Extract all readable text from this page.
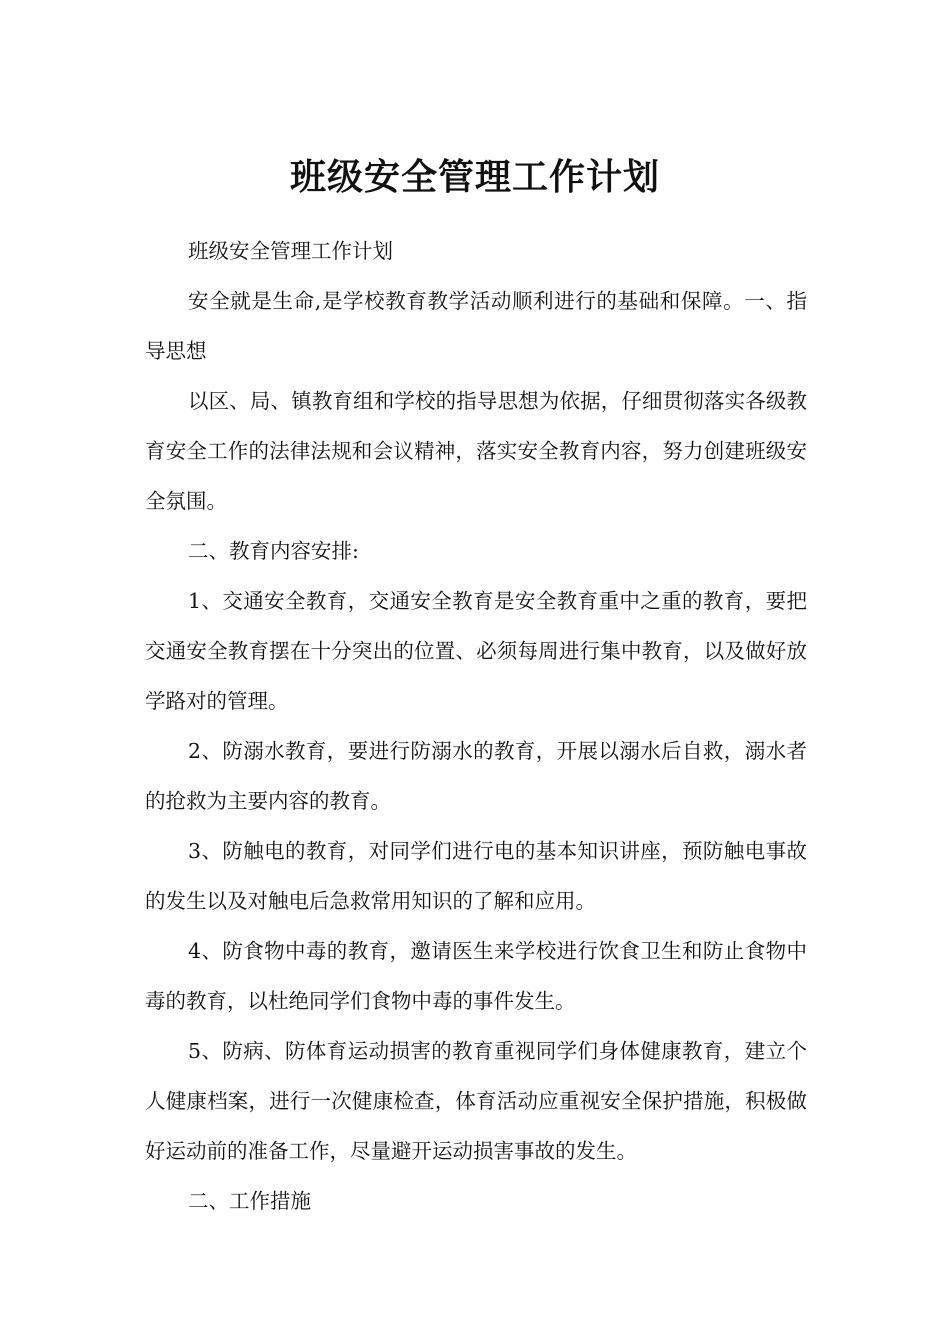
班级安全管理工作计划

班级安全管理工作计划

安全就是生命,是学校教育教学活动顺利进行的基础和保障。一、指导思想

以区、局、镇教育组和学校的指导思想为依据，仔细贯彻落实各级教育安全工作的法律法规和会议精神，落实安全教育内容，努力创建班级安全氛围。

二、教育内容安排:

1、交通安全教育，交通安全教育是安全教育重中之重的教育，要把交通安全教育摆在十分突出的位置、必须每周进行集中教育，以及做好放学路对的管理。

2、防溺水教育，要进行防溺水的教育，开展以溺水后自救，溺水者的抢救为主要内容的教育。

3、防触电的教育，对同学们进行电的基本知识讲座，预防触电事故的发生以及对触电后急救常用知识的了解和应用。

4、防食物中毒的教育，邀请医生来学校进行饮食卫生和防止食物中毒的教育，以杜绝同学们食物中毒的事件发生。

5、防病、防体育运动损害的教育重视同学们身体健康教育，建立个人健康档案，进行一次健康检查，体育活动应重视安全保护措施，积极做好运动前的准备工作，尽量避开运动损害事故的发生。

二、工作措施
